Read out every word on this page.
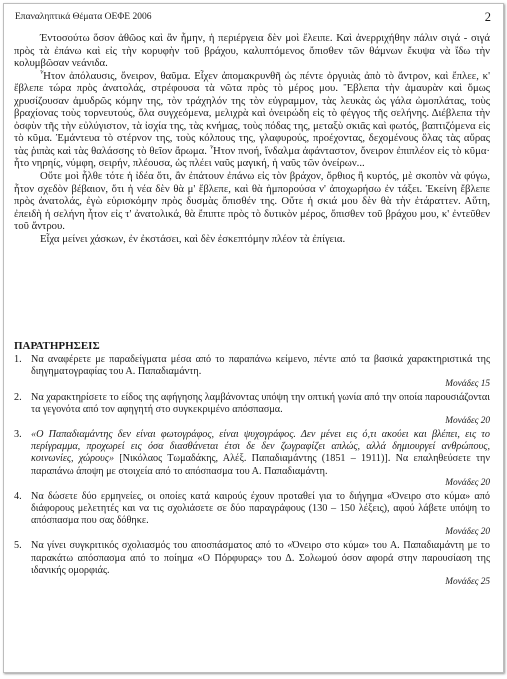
Επαναληπτικά Θέματα ΟΕΦΕ 2006	2

Έντοσούτω ὅσον ἀθῶος καὶ ἂν ἦμην, ἡ περιέργεια δὲν μοὶ ἔλειπε. Καὶ ἀνερριχήθην πάλιν σιγά - σιγά πρὸς τὰ ἐπάνω καὶ εἰς τὴν κορυφὴν τοῦ βράχου, καλυπτόμενος ὄπισθεν τῶν θάμνων ἔκυψα νὰ ἴδω τὴν κολυμβῶσαν νεάνιδα.

Ἦτον ἀπόλαυσις, ὄνειρον, θαῦμα. Εἶχεν ἀπομακρυνθῆ ὡς πέντε ὀργυιὰς ἀπὸ τὸ ἄντρον, καὶ ἔπλεε, κ' ἔβλεπε τώρα πρὸς ἀνατολάς, στρέφουσα τὰ νῶτα πρὸς τὸ μέρος μου. Ἔβλεπα τὴν ἀμαυρὰν καὶ ὅμως χρυσίζουσαν ἀμυδρῶς κόμην της, τὸν τράχηλόν της τὸν εὐγραμμον, τὰς λευκὰς ὡς γάλα ὠμοπλάτας, τοὺς βραχίονας τοὺς τορνευτούς, ὅλα συγχεόμενα, μελιχρὰ καὶ ὀνειρώδη εἰς τὸ φέγγος τῆς σελήνης. Διέβλεπα τὴν ὀσφὺν τῆς τὴν εὐλύγιστον, τὰ ἰσχία της, τὰς κνήμας, τοὺς πόδας της, μεταξὺ σκιᾶς καὶ φωτός, βαπτιζόμενα εἰς τὸ κῦμα. Ἐμάντευα τὸ στέρνον της, τοὺς κόλπους της, γλαφυρούς, προέχοντας, δεχομένους ὅλας τὰς αὔρας τὰς ῥιπὰς καὶ τὰς θαλάσσης τὸ θεῖον ἄρωμα. Ἦτον πνοή, ἴνδαλμα ἀφάνταστον, ὄνειρον ἐπιπλέον εἰς τὸ κῦμα· ἦτο νηρηίς, νύμφη, σειρήν, πλέουσα, ὡς πλέει ναῦς μαγική, ἡ ναῦς τῶν ὀνείρων...

Οὔτε μοὶ ἦλθε τότε ἡ ἰδέα ὅτι, ἂν ἐπάτουν ἐπάνω εἰς τὸν βράχον, ὄρθιος ἢ κυρτός, μὲ σκοπὸν νὰ φύγω, ἦτον σχεδὸν βέβαιον, ὅτι ἡ νέα δὲν θὰ μ' ἔβλεπε, καὶ θὰ ἠμπορούσα ν' ἀποχωρήσω ἐν τάξει. Ἐκείνη ἔβλεπε πρὸς ἀνατολάς, ἐγὼ εὑρισκόμην πρὸς δυσμὰς ὄπισθέν της. Οὔτε ἡ σκιά μου δὲν θὰ τὴν ἐτάραττεν. Αὕτη, ἐπειδὴ ἡ σελήνη ἦτον εἰς τ' ἀνατολικά, θὰ ἔπιπτε πρὸς τὸ δυτικὸν μέρος, ὄπισθεν τοῦ βράχου μου, κ' ἐντεῦθεν τοῦ ἄντρου.

Εἶχα μείνει χάσκων, ἐν ἐκστάσει, καὶ δὲν ἐσκεπτόμην πλέον τὰ ἐπίγεια.

ΠΑΡΑΤΗΡΗΣΕΙΣ
1. Να αναφέρετε με παραδείγματα μέσα από το παραπάνω κείμενο, πέντε από τα βασικά χαρακτηριστικά της διηγηματογραφίας του Α. Παπαδιαμάντη.
Μονάδες 15
2. Να χαρακτηρίσετε το είδος της αφήγησης λαμβάνοντας υπόψη την οπτική γωνία από την οποία παρουσιάζονται τα γεγονότα από τον αφηγητή στο συγκεκριμένο απόσπασμα.
Μονάδες 20
3. «Ο Παπαδιαμάντης δεν είναι φωτογράφος, είναι ψυχογράφος. Δεν μένει εις ό,τι ακούει και βλέπει, εις το περίγραμμα, προχωρεί εις όσα διασθάνεται έτσι δε δεν ζωγραφίζει απλώς, αλλά δημιουργεί ανθρώπους, κοινωνίες, χώρους» [Νικόλαος Τωμαδάκης, Αλέξ. Παπαδιαμάντης (1851 – 1911)]. Να επαληθεύσετε την παραπάνω άποψη με στοιχεία από το απόσπασμα του Α. Παπαδιαμάντη.
Μονάδες 20
4. Να δώσετε δύο ερμηνείες, οι οποίες κατά καιρούς έχουν προταθεί για το διήγημα «Όνειρο στο κύμα» από διάφορους μελετητές και να τις σχολιάσετε σε δύο παραγράφους (130 – 150 λέξεις), αφού λάβετε υπόψη το απόσπασμα που σας δόθηκε.
Μονάδες 20
5. Να γίνει συγκριτικός σχολιασμός του αποσπάσματος από το «Όνειρο στο κύμα» του Α. Παπαδιαμάντη με το παρακάτω απόσπασμα από το ποίημα «Ο Πόρφυρας» του Δ. Σολωμού όσον αφορά στην παρουσίαση της ιδανικής ομορφιάς.
Μονάδες 25
